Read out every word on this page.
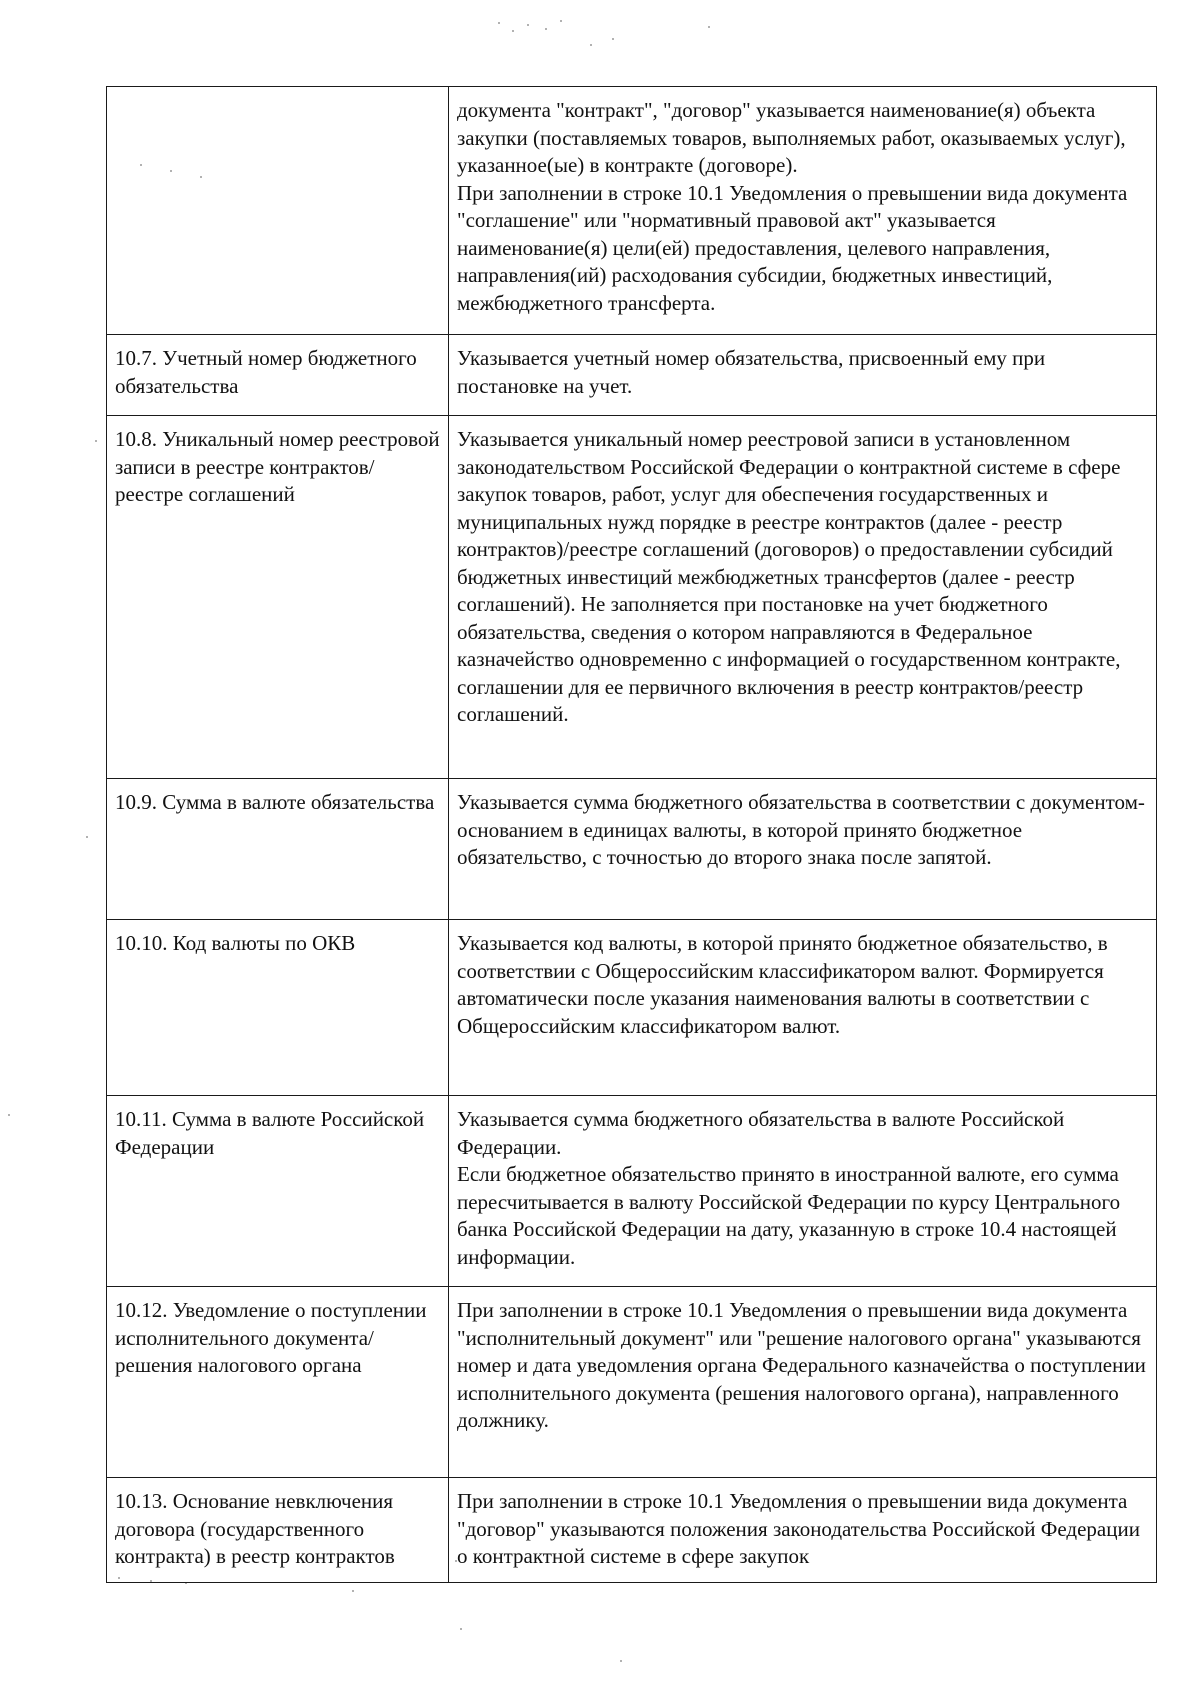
	документа "контракт", "договор" указывается наименование(я) объекта закупки (поставляемых товаров, выполняемых работ, оказываемых услуг), указанное(ые) в контракте (договоре).
При заполнении в строке 10.1 Уведомления о превышении вида документа "соглашение" или "нормативный правовой акт" указывается наименование(я) цели(ей) предоставления, целевого направления, направления(ий) расходования субсидии, бюджетных инвестиций, межбюджетного трансферта.
10.7. Учетный номер бюджетного обязательства	Указывается учетный номер обязательства, присвоенный ему при постановке на учет.
10.8. Уникальный номер реестровой записи в реестре контрактов/реестре соглашений	Указывается уникальный номер реестровой записи в установленном законодательством Российской Федерации о контрактной системе в сфере закупок товаров, работ, услуг для обеспечения государственных и муниципальных нужд порядке в реестре контрактов (далее - реестр контрактов)/реестре соглашений (договоров) о предоставлении субсидий бюджетных инвестиций межбюджетных трансфертов (далее - реестр соглашений). Не заполняется при постановке на учет бюджетного обязательства, сведения о котором направляются в Федеральное казначейство одновременно с информацией о государственном контракте, соглашении для ее первичного включения в реестр контрактов/реестр соглашений.
10.9. Сумма в валюте обязательства	Указывается сумма бюджетного обязательства в соответствии с документом-основанием в единицах валюты, в которой принято бюджетное обязательство, с точностью до второго знака после запятой.
10.10. Код валюты по ОКВ	Указывается код валюты, в которой принято бюджетное обязательство, в соответствии с Общероссийским классификатором валют. Формируется автоматически после указания наименования валюты в соответствии с Общероссийским классификатором валют.
10.11. Сумма в валюте Российской Федерации	Указывается сумма бюджетного обязательства в валюте Российской Федерации.
Если бюджетное обязательство принято в иностранной валюте, его сумма пересчитывается в валюту Российской Федерации по курсу Центрального банка Российской Федерации на дату, указанную в строке 10.4 настоящей информации.
10.12. Уведомление о поступлении исполнительного документа/решения налогового органа	При заполнении в строке 10.1 Уведомления о превышении вида документа "исполнительный документ" или "решение налогового органа" указываются номер и дата уведомления органа Федерального казначейства о поступлении исполнительного документа (решения налогового органа), направленного должнику.
10.13. Основание невключения договора (государственного контракта) в реестр контрактов	При заполнении в строке 10.1 Уведомления о превышении вида документа "договор" указываются положения законодательства Российской Федерации о контрактной системе в сфере закупок
